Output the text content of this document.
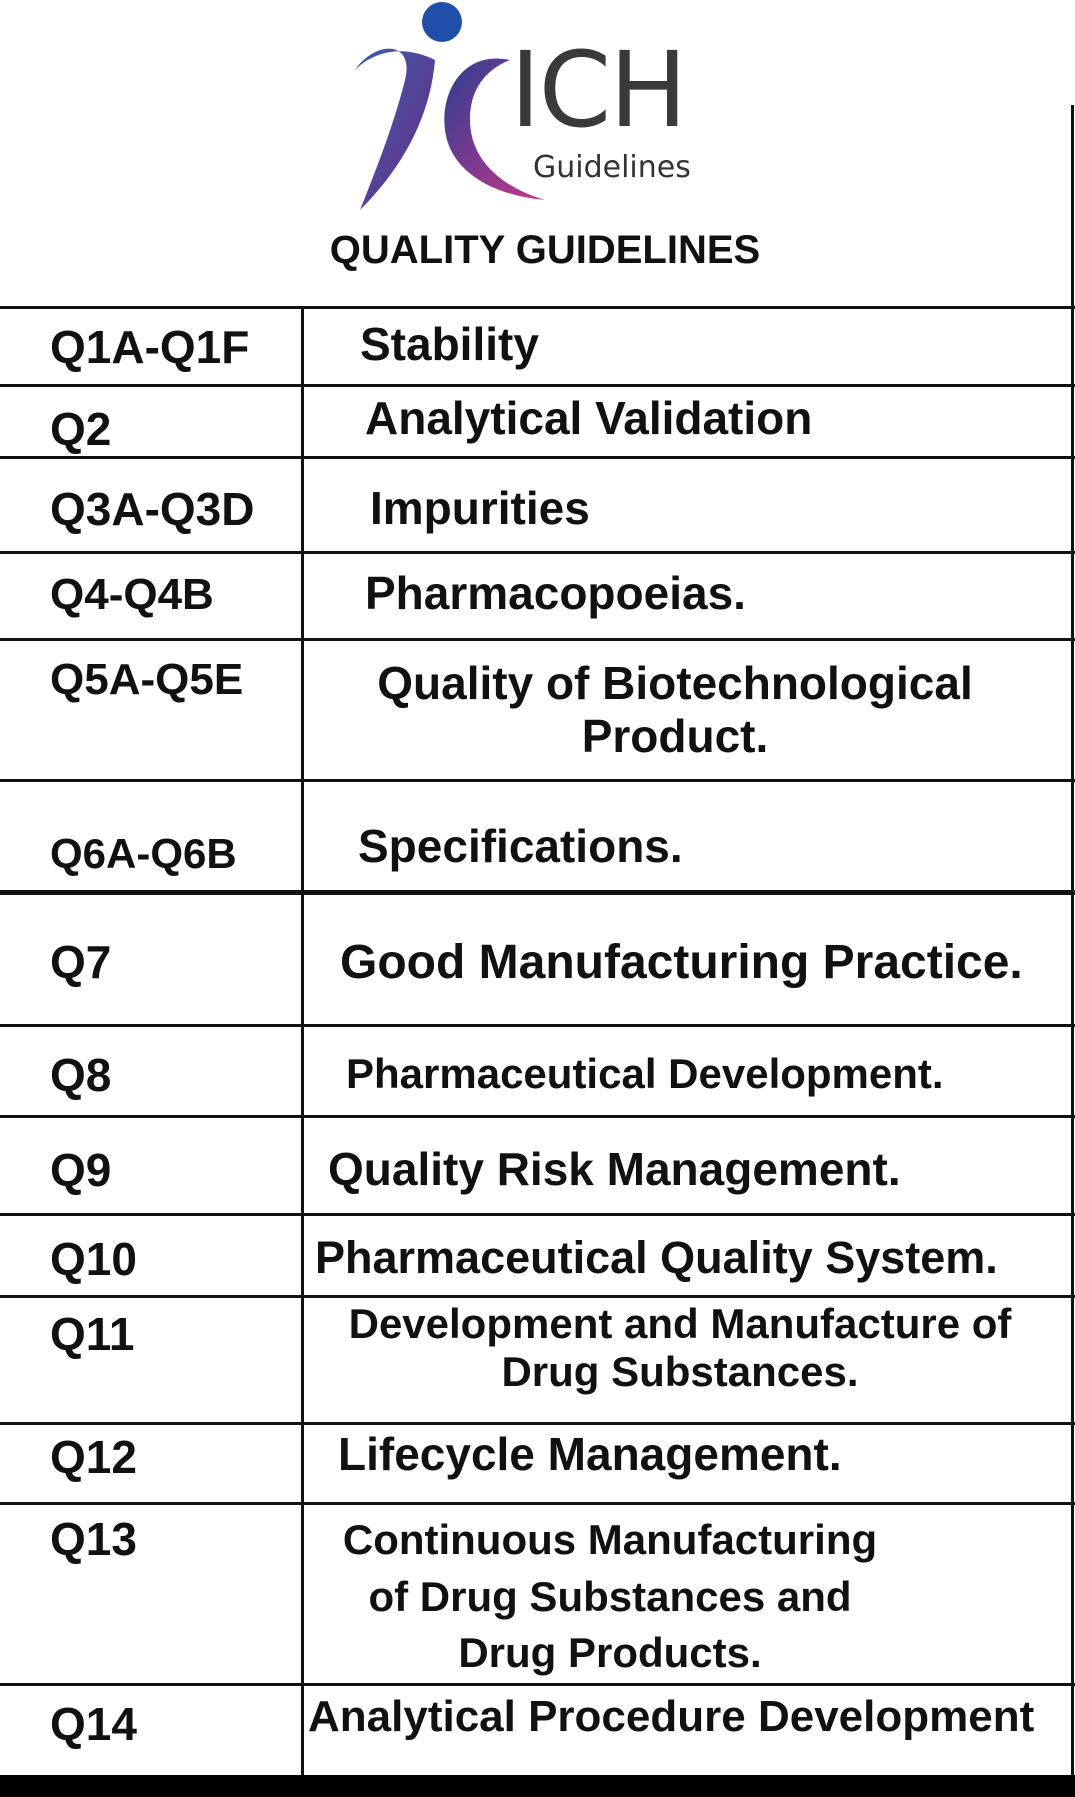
ICH
Guidelines
QUALITY GUIDELINES
Q1A-Q1F Stability
Q2	Analytical Validation
Q3A-Q3D	Impurities
Q4-Q4B	Pharmacopoeias.
Q5A-Q5E	Quality of Biotechnological Product.
Q6A-Q6B	Specifications.
Q7	Good Manufacturing Practice.
Q8	Pharmaceutical Development.
Q9	Quality Risk Management.
Q10	Pharmaceutical Quality System.
Q11	Development and Manufacture of Drug Substances.
Q12	Lifecycle Management.
Q13	Continuous Manufacturing of Drug Substances and Drug Products.
Q14	Analytical Procedure Development
